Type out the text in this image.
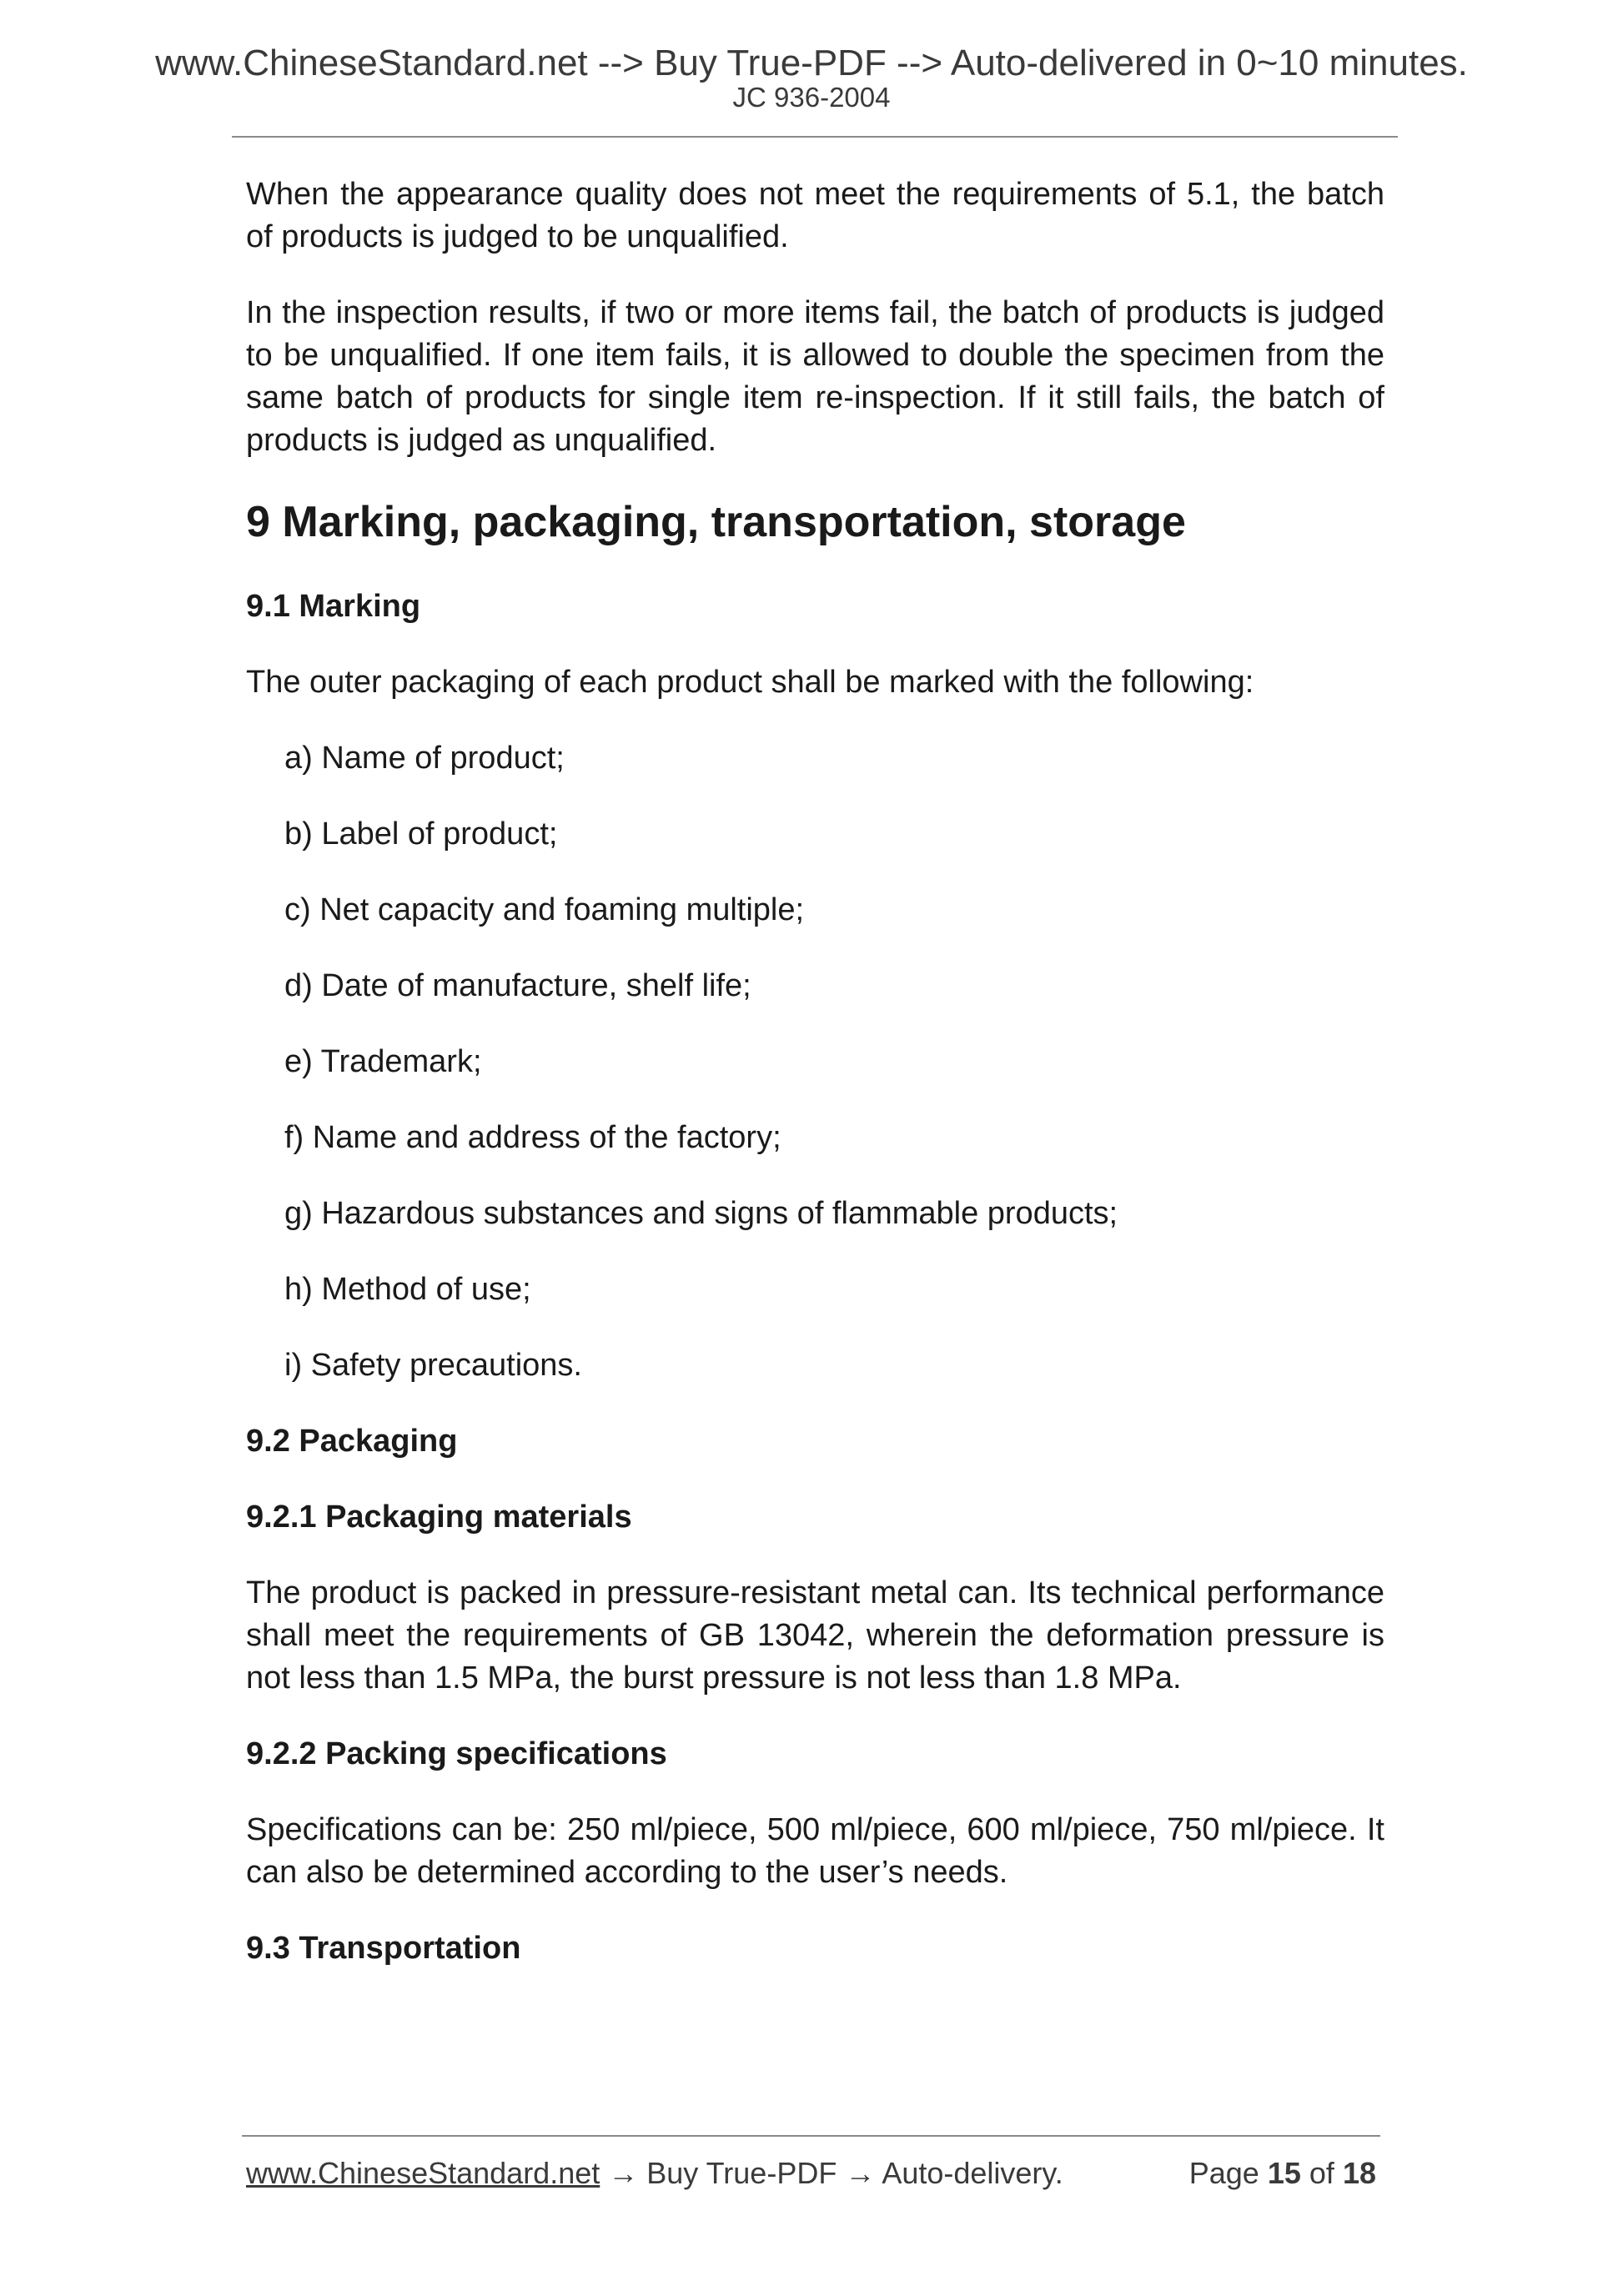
www.ChineseStandard.net --> Buy True-PDF --> Auto-delivered in 0~10 minutes.
JC 936-2004

When the appearance quality does not meet the requirements of 5.1, the batch of products is judged to be unqualified.

In the inspection results, if two or more items fail, the batch of products is judged to be unqualified. If one item fails, it is allowed to double the specimen from the same batch of products for single item re-inspection. If it still fails, the batch of products is judged as unqualified.

9 Marking, packaging, transportation, storage
9.1 Marking

The outer packaging of each product shall be marked with the following:

a) Name of product;
b) Label of product;
c) Net capacity and foaming multiple;
d) Date of manufacture, shelf life;
e) Trademark;
f) Name and address of the factory;
g) Hazardous substances and signs of flammable products;
h) Method of use;
i) Safety precautions.
9.2 Packaging
9.2.1 Packaging materials

The product is packed in pressure-resistant metal can. Its technical performance shall meet the requirements of GB 13042, wherein the deformation pressure is not less than 1.5 MPa, the burst pressure is not less than 1.8 MPa.

9.2.2 Packing specifications

Specifications can be: 250 ml/piece, 500 ml/piece, 600 ml/piece, 750 ml/piece. It can also be determined according to the user’s needs.

9.3 Transportation
www.ChineseStandard.net → Buy True-PDF → Auto-delivery.	Page 15 of 18
